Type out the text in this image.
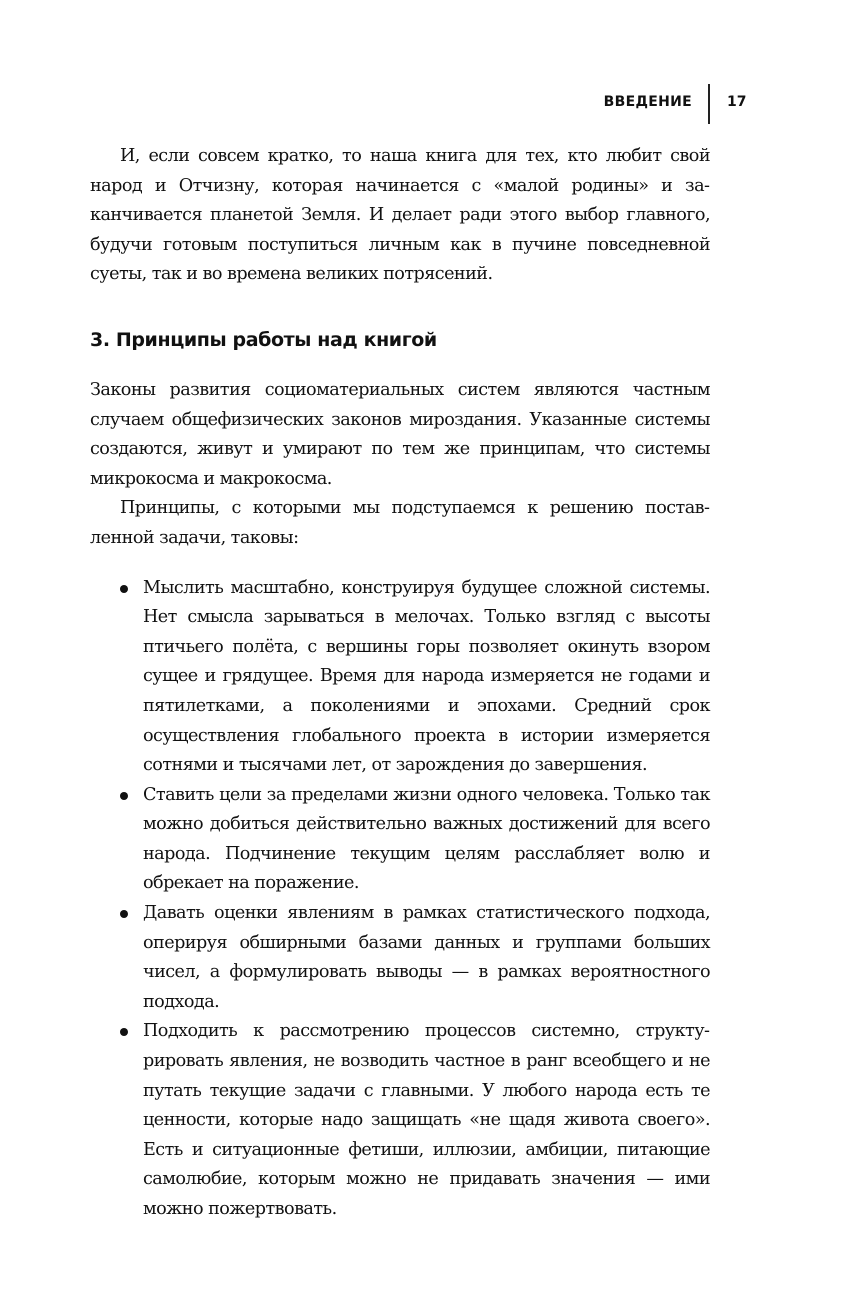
ВВЕДЕНИЕ	17

И, если совсем кратко, то наша книга для тех, кто любит свой народ и Отчизну, которая начинается с «малой родины» и заканчивается планетой Земля. И делает ради этого выбор главного, будучи готовым поступиться личным как в пучине повседневной суеты, так и во времена великих потрясений.

3. Принципы работы над книгой

Законы развития социоматериальных систем являются частным случаем общефизических законов мироздания. Указанные системы создаются, живут и умирают по тем же принципам, что системы микрокосма и макрокосма.

Принципы, с которыми мы подступаемся к решению поставленной задачи, таковы:

Мыслить масштабно, конструируя будущее сложной системы. Нет смысла зарываться в мелочах. Только взгляд с высоты птичьего полёта, с вершины горы позволяет окинуть взором сущее и грядущее. Время для народа измеряется не годами и пятилетками, а поколениями и эпохами. Средний срок осуществления глобального проекта в истории измеряется сотнями и тысячами лет, от зарождения до завершения.
Ставить цели за пределами жизни одного человека. Только так можно добиться действительно важных достижений для всего народа. Подчинение текущим целям расслабляет волю и обрекает на поражение.
Давать оценки явлениям в рамках статистического подхода, оперируя обширными базами данных и группами больших чисел, а формулировать выводы — в рамках вероятностного подхода.
Подходить к рассмотрению процессов системно, структурировать явления, не возводить частное в ранг всеобщего и не путать текущие задачи с главными. У любого народа есть те ценности, которые надо защищать «не щадя живота своего». Есть и ситуационные фетиши, иллюзии, амбиции, питающие самолюбие, которым можно не придавать значения — ими можно пожертвовать.
